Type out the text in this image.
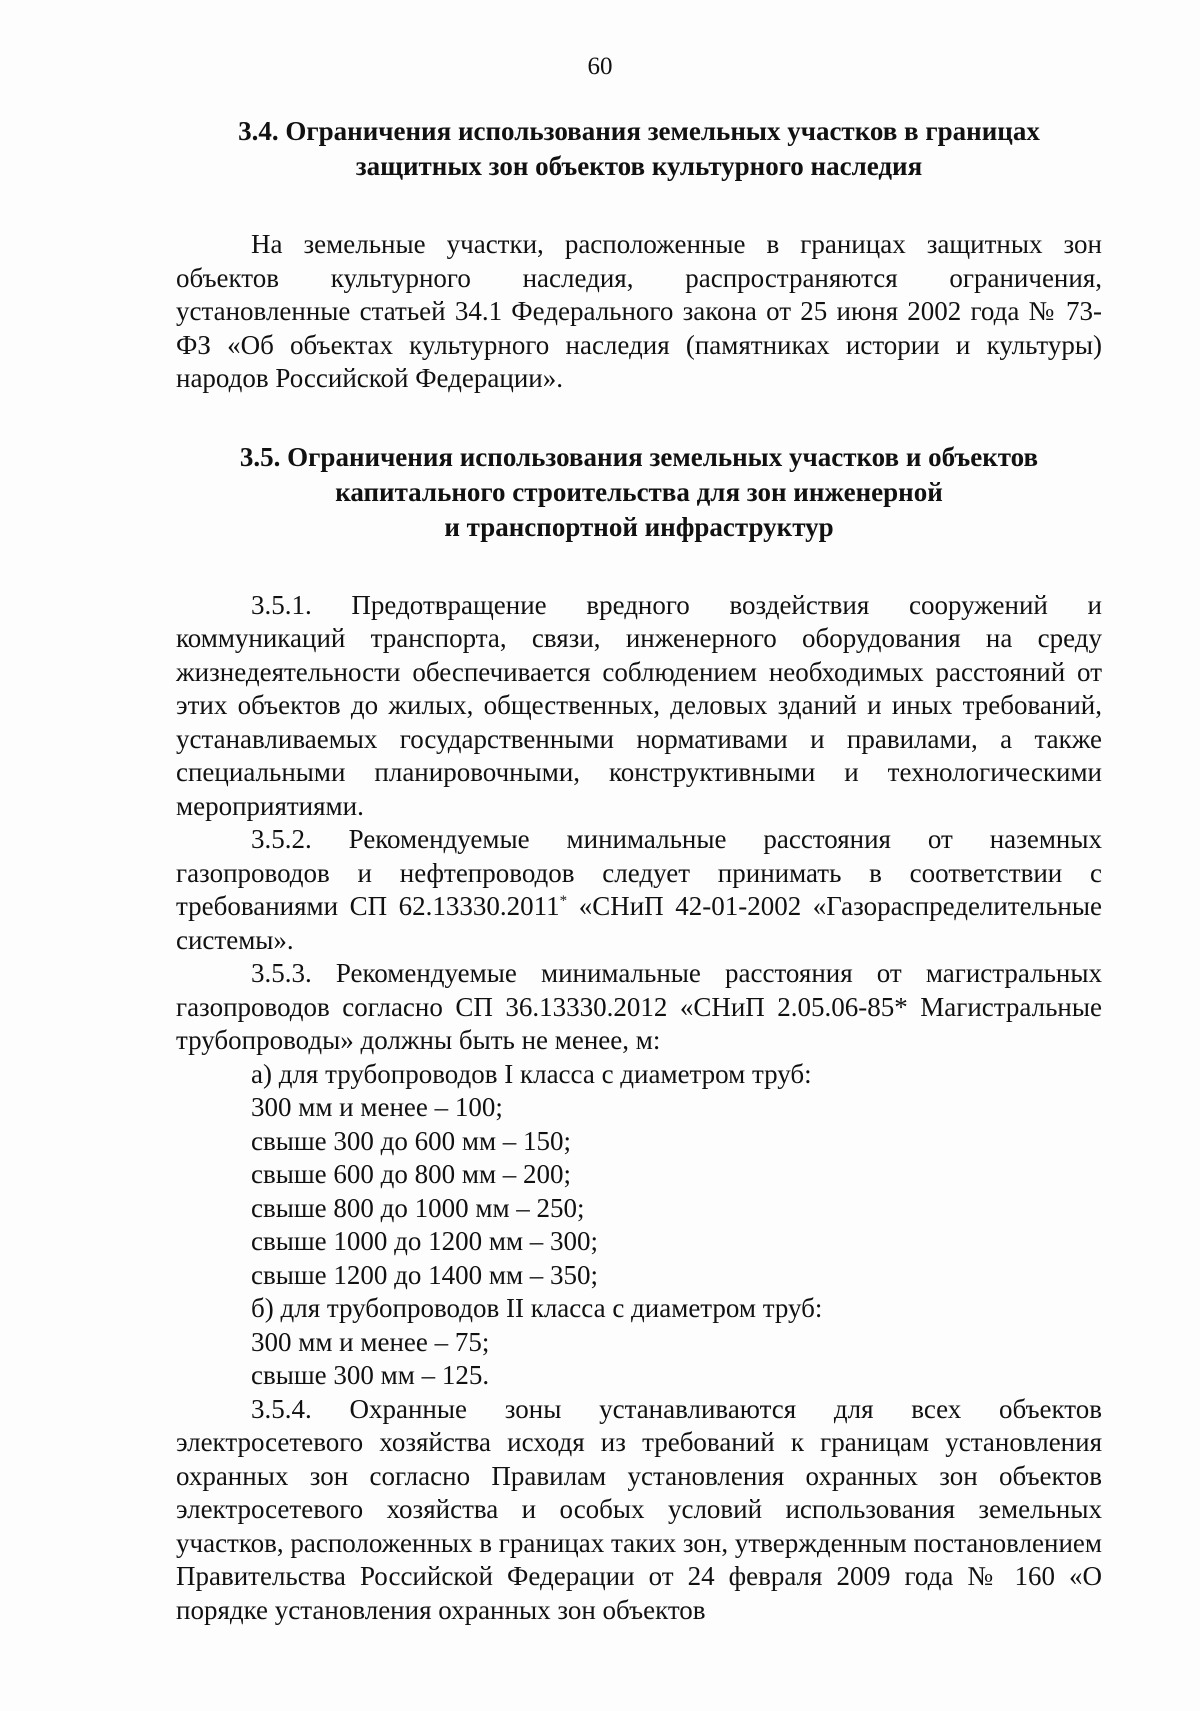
60
3.4. Ограничения использования земельных участков в границах
защитных зон объектов культурного наследия

На земельные участки, расположенные в границах защитных зон объектов культурного наследия, распространяются ограничения, установленные статьей 34.1 Федерального закона от 25 июня 2002 года № 73-ФЗ «Об объектах культурного наследия (памятниках истории и культуры) народов Российской Федерации».

3.5. Ограничения использования земельных участков и объектов
капитального строительства для зон инженерной
и транспортной инфраструктур

3.5.1. Предотвращение вредного воздействия сооружений и коммуникаций транспорта, связи, инженерного оборудования на среду жизнедеятельности обеспечивается соблюдением необходимых расстояний от этих объектов до жилых, общественных, деловых зданий и иных требований, устанавливаемых государственными нормативами и правилами, а также специальными планировочными, конструктивными и технологическими мероприятиями.

3.5.2. Рекомендуемые минимальные расстояния от наземных газопроводов и нефтепроводов следует принимать в соответствии с требованиями СП 62.13330.2011* «СНиП 42-01-2002 «Газораспределительные системы».

3.5.3. Рекомендуемые минимальные расстояния от магистральных газопроводов согласно СП 36.13330.2012 «СНиП 2.05.06-85* Магистральные трубопроводы» должны быть не менее, м:

а) для трубопроводов I класса с диаметром труб:

300 мм и менее – 100;

свыше 300 до 600 мм – 150;

свыше 600 до 800 мм – 200;

свыше 800 до 1000 мм – 250;

свыше 1000 до 1200 мм – 300;

свыше 1200 до 1400 мм – 350;

б) для трубопроводов II класса с диаметром труб:

300 мм и менее – 75;

свыше 300 мм – 125.

3.5.4. Охранные зоны устанавливаются для всех объектов электросетевого хозяйства исходя из требований к границам установления охранных зон согласно Правилам установления охранных зон объектов электросетевого хозяйства и особых условий использования земельных участков, расположенных в границах таких зон, утвержденным постановлением Правительства Российской Федерации от 24 февраля 2009 года № 160 «О порядке установления охранных зон объектов
